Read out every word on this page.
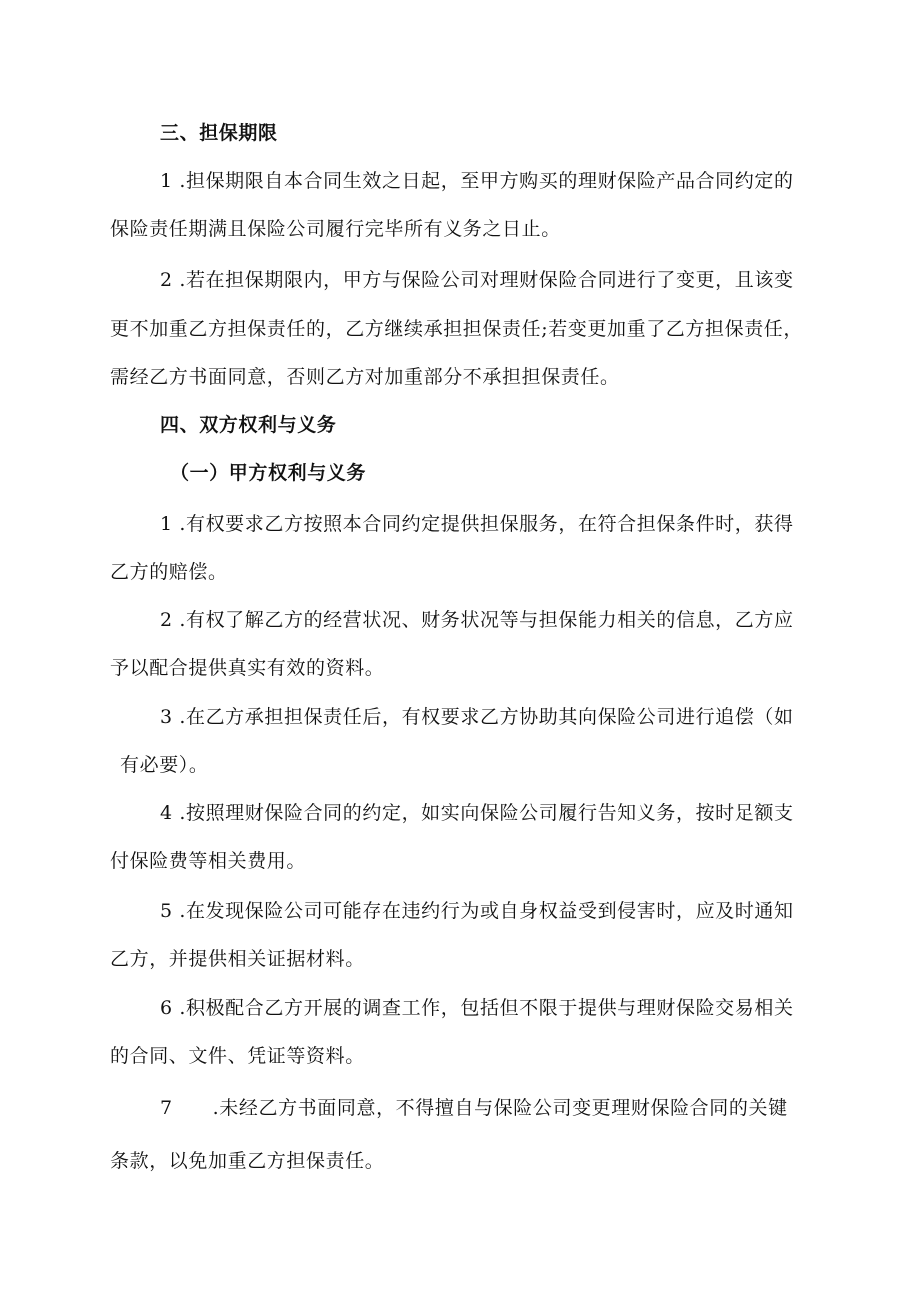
三、担保期限
1 .担保期限自本合同生效之日起，至甲方购买的理财保险产品合同约定的
保险责任期满且保险公司履行完毕所有义务之日止。
2 .若在担保期限内，甲方与保险公司对理财保险合同进行了变更，且该变
更不加重乙方担保责任的，乙方继续承担担保责任;若变更加重了乙方担保责任，
需经乙方书面同意，否则乙方对加重部分不承担担保责任。
四、双方权利与义务
（一）甲方权利与义务
1 .有权要求乙方按照本合同约定提供担保服务，在符合担保条件时，获得
乙方的赔偿。
2 .有权了解乙方的经营状况、财务状况等与担保能力相关的信息，乙方应
予以配合提供真实有效的资料。
3 .在乙方承担担保责任后，有权要求乙方协助其向保险公司进行追偿（如
有必要）。
4 .按照理财保险合同的约定，如实向保险公司履行告知义务，按时足额支
付保险费等相关费用。
5 .在发现保险公司可能存在违约行为或自身权益受到侵害时，应及时通知
乙方，并提供相关证据材料。
6 .积极配合乙方开展的调查工作，包括但不限于提供与理财保险交易相关
的合同、文件、凭证等资料。
7 .未经乙方书面同意，不得擅自与保险公司变更理财保险合同的关键
条款，以免加重乙方担保责任。
